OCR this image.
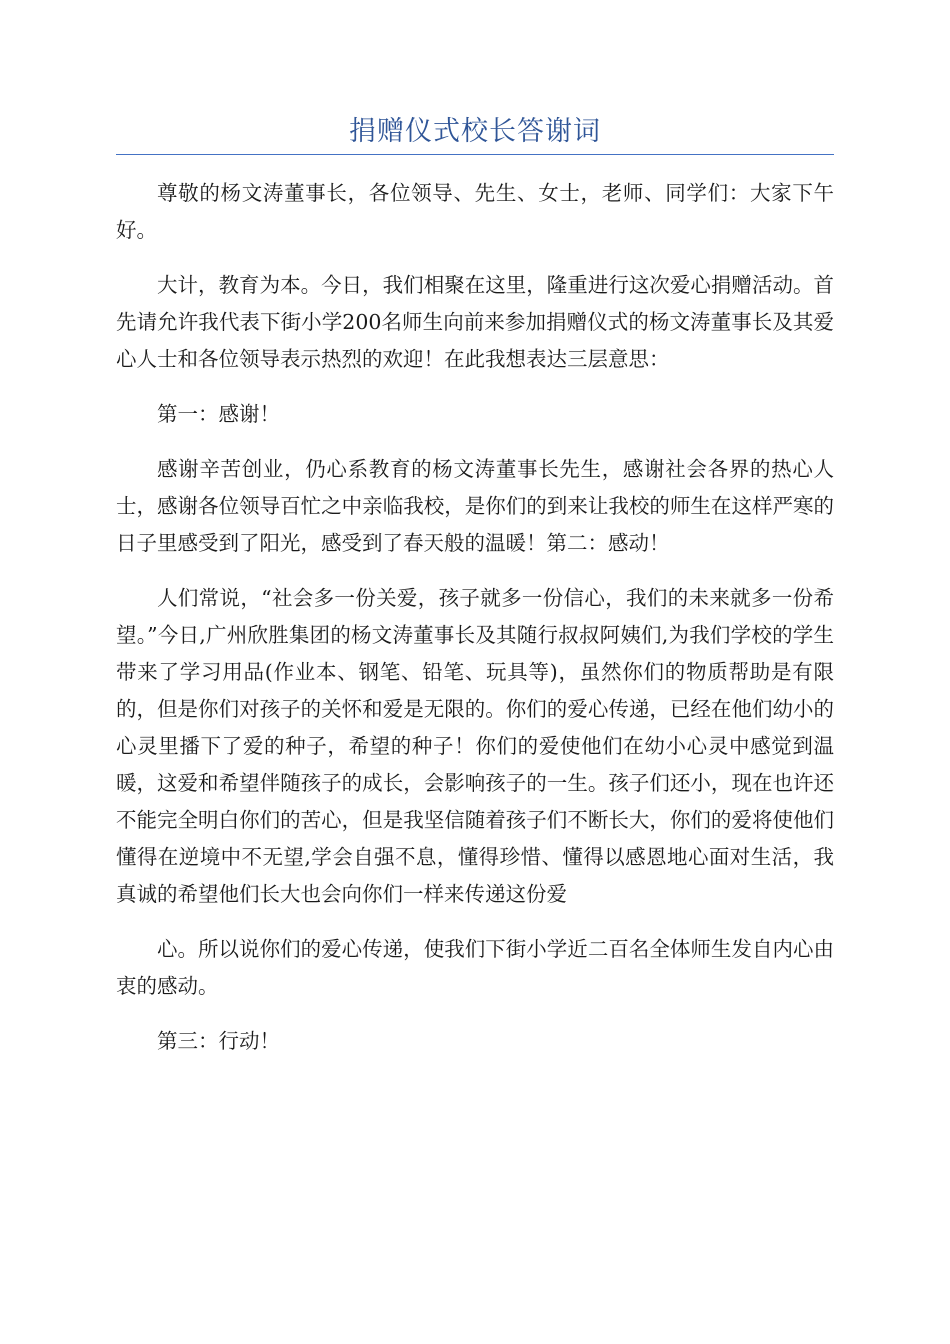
捐赠仪式校长答谢词

尊敬的杨文涛董事长，各位领导、先生、女士，老师、同学们：大家下午好。

大计，教育为本。今日，我们相聚在这里，隆重进行这次爱心捐赠活动。首先请允许我代表下街小学200名师生向前来参加捐赠仪式的杨文涛董事长及其爱心人士和各位领导表示热烈的欢迎！在此我想表达三层意思：

第一：感谢！

感谢辛苦创业，仍心系教育的杨文涛董事长先生，感谢社会各界的热心人士，感谢各位领导百忙之中亲临我校，是你们的到来让我校的师生在这样严寒的日子里感受到了阳光，感受到了春天般的温暖！第二：感动！

人们常说，“社会多一份关爱，孩子就多一份信心，我们的未来就多一份希望。”今日,广州欣胜集团的杨文涛董事长及其随行叔叔阿姨们,为我们学校的学生带来了学习用品(作业本、钢笔、铅笔、玩具等)，虽然你们的物质帮助是有限的，但是你们对孩子的关怀和爱是无限的。你们的爱心传递，已经在他们幼小的心灵里播下了爱的种子，希望的种子！你们的爱使他们在幼小心灵中感觉到温暖，这爱和希望伴随孩子的成长，会影响孩子的一生。孩子们还小，现在也许还不能完全明白你们的苦心，但是我坚信随着孩子们不断长大，你们的爱将使他们懂得在逆境中不无望,学会自强不息，懂得珍惜、懂得以感恩地心面对生活，我真诚的希望他们长大也会向你们一样来传递这份爱

心。所以说你们的爱心传递，使我们下街小学近二百名全体师生发自内心由衷的感动。

第三：行动！
